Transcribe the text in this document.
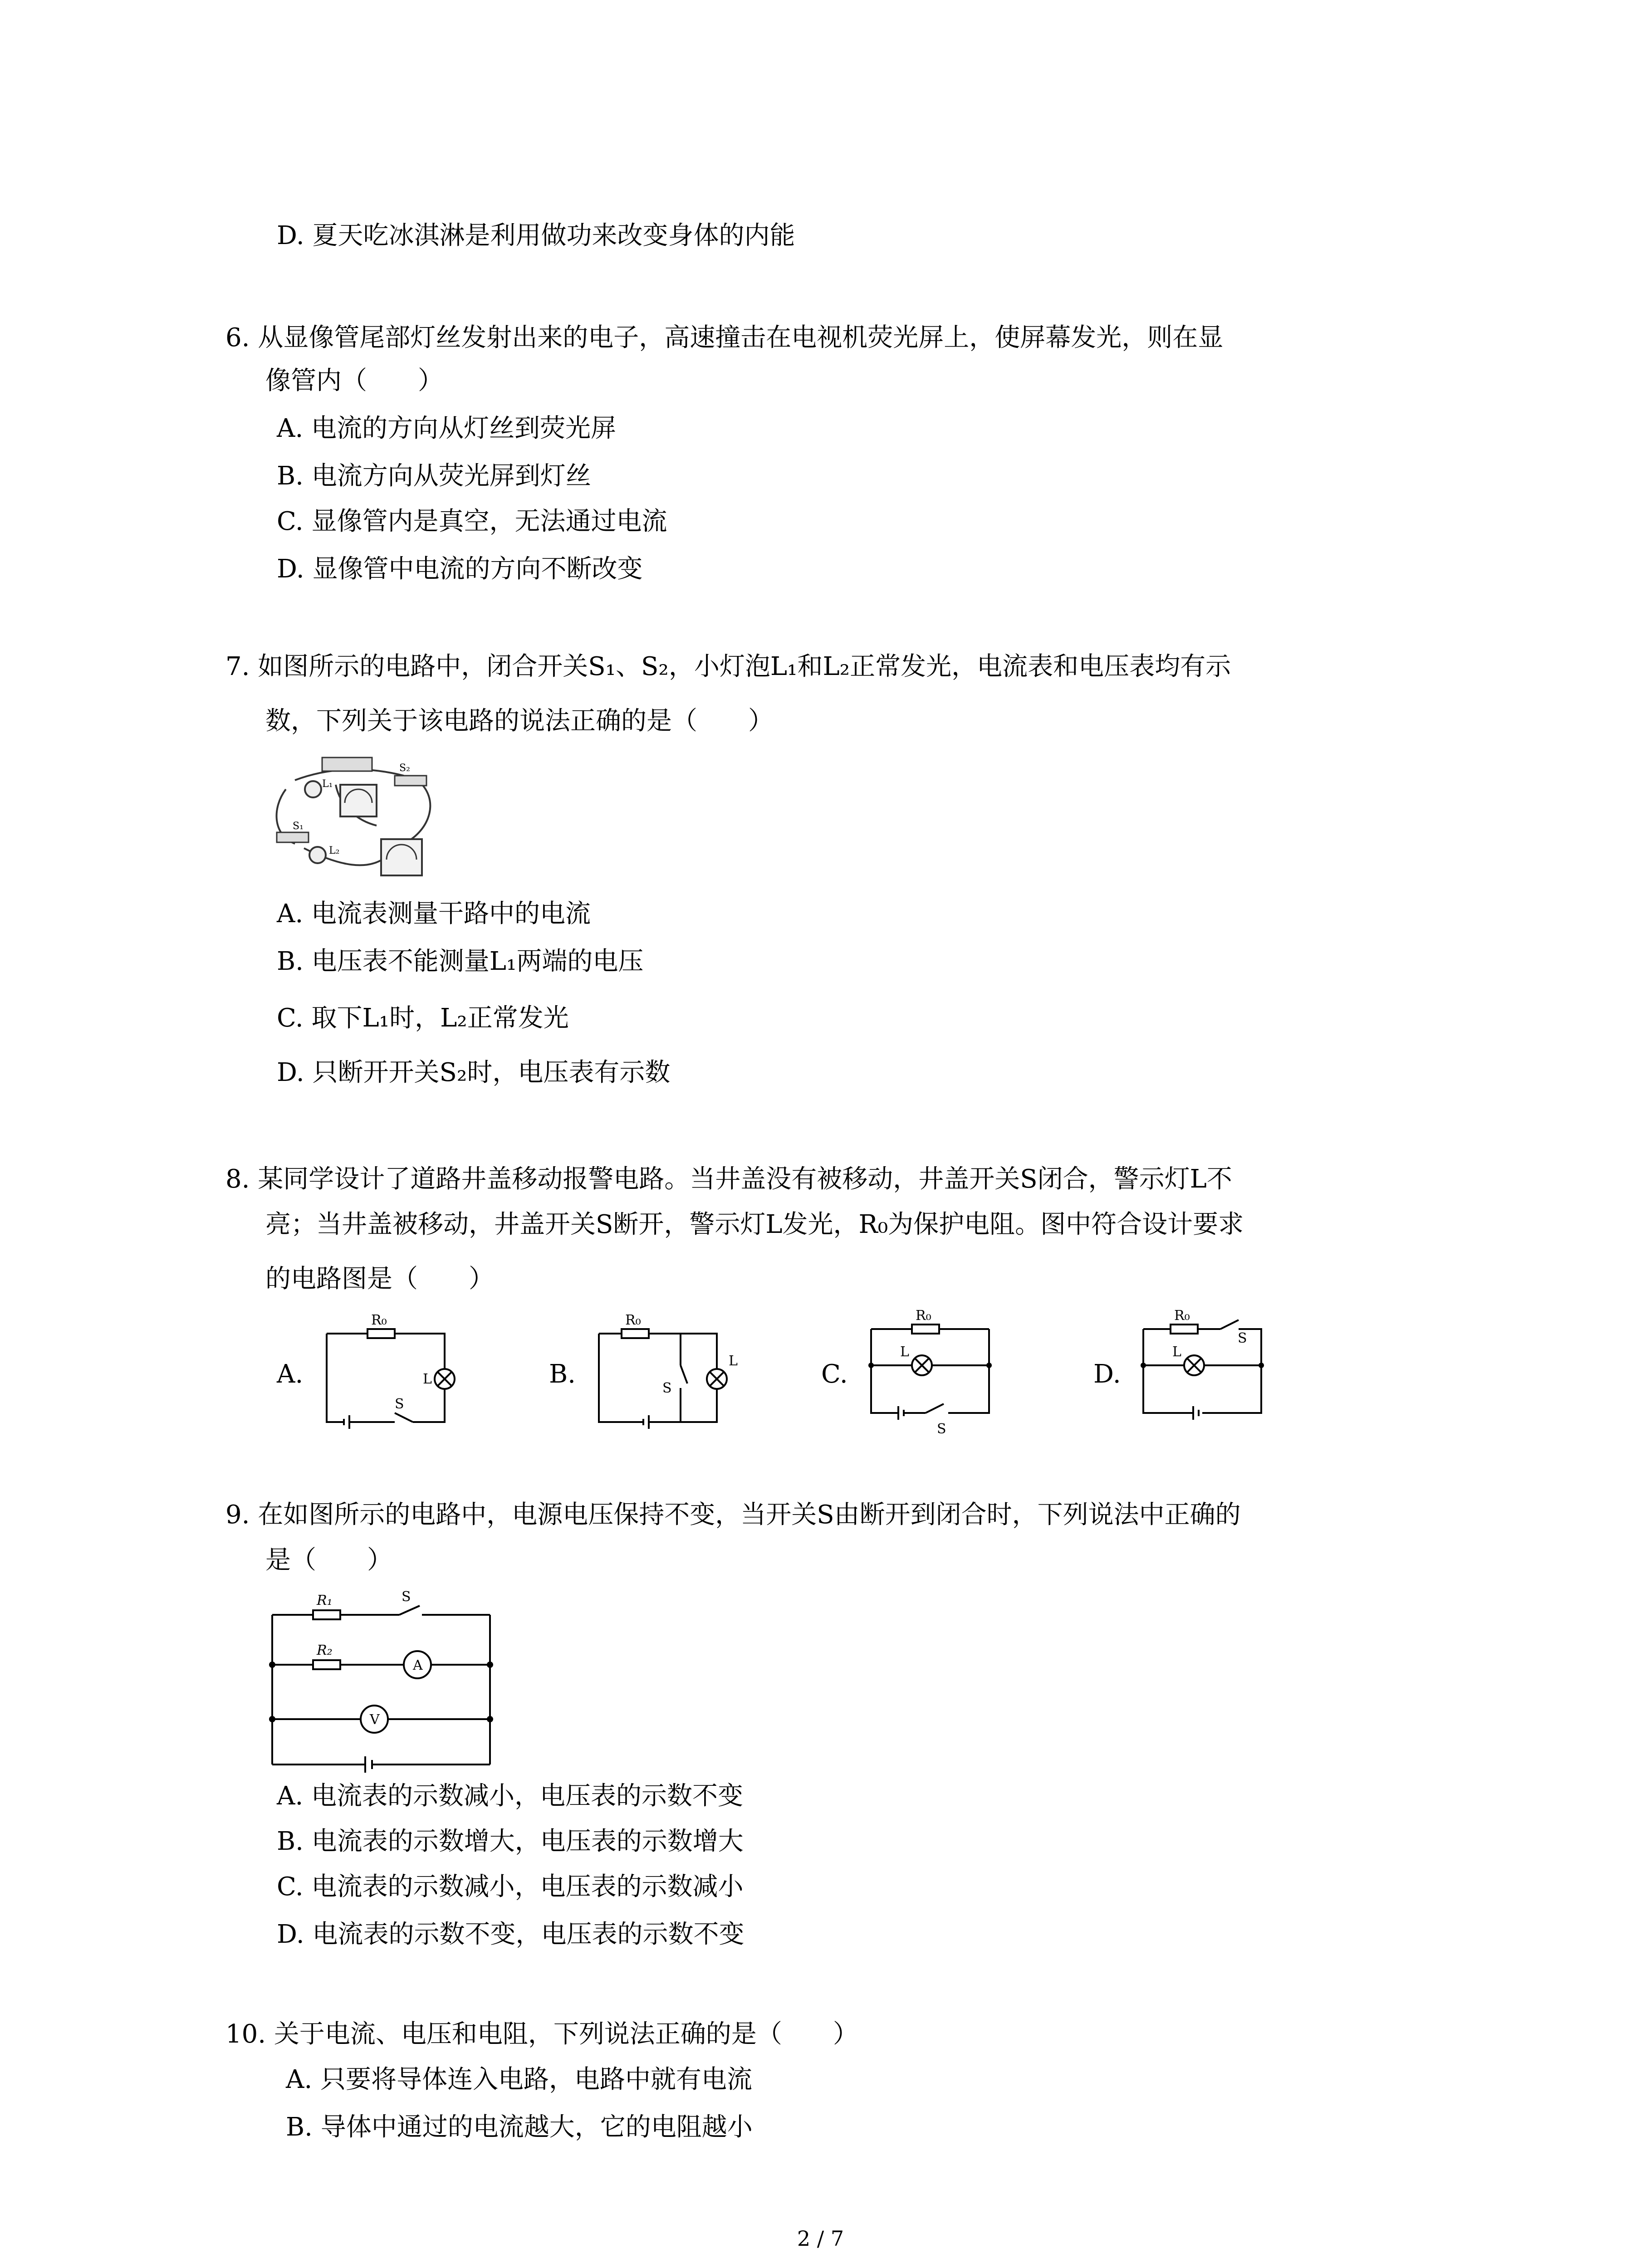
D. 夏天吃冰淇淋是利用做功来改变身体的内能
6. 从显像管尾部灯丝发射出来的电子，高速撞击在电视机荧光屏上，使屏幕发光，则在显
像管内（　　）
A. 电流的方向从灯丝到荧光屏
B. 电流方向从荧光屏到灯丝
C. 显像管内是真空，无法通过电流
D. 显像管中电流的方向不断改变
7. 如图所示的电路中，闭合开关S₁、S₂，小灯泡L₁和L₂正常发光，电流表和电压表均有示
数，下列关于该电路的说法正确的是（　　）
L₁
L₂
S₂
S₁
A. 电流表测量干路中的电流
B. 电压表不能测量L₁两端的电压
C. 取下L₁时，L₂正常发光
D. 只断开开关S₂时，电压表有示数
8. 某同学设计了道路井盖移动报警电路。当井盖没有被移动，井盖开关S闭合，警示灯L不
亮；当井盖被移动，井盖开关S断开，警示灯L发光，R₀为保护电阻。图中符合设计要求
的电路图是（　　）
A.	B.	C.	D.
R₀
L
S
R₀
L
S
R₀
L
S
R₀
L
S
9. 在如图所示的电路中，电源电压保持不变，当开关S由断开到闭合时，下列说法中正确的
是（　　）
R₁	S
R₂
A
V
A. 电流表的示数减小，电压表的示数不变
B. 电流表的示数增大，电压表的示数增大
C. 电流表的示数减小，电压表的示数减小
D. 电流表的示数不变，电压表的示数不变
10. 关于电流、电压和电阻，下列说法正确的是（　　）
A. 只要将导体连入电路，电路中就有电流
B. 导体中通过的电流越大，它的电阻越小
2 / 7
